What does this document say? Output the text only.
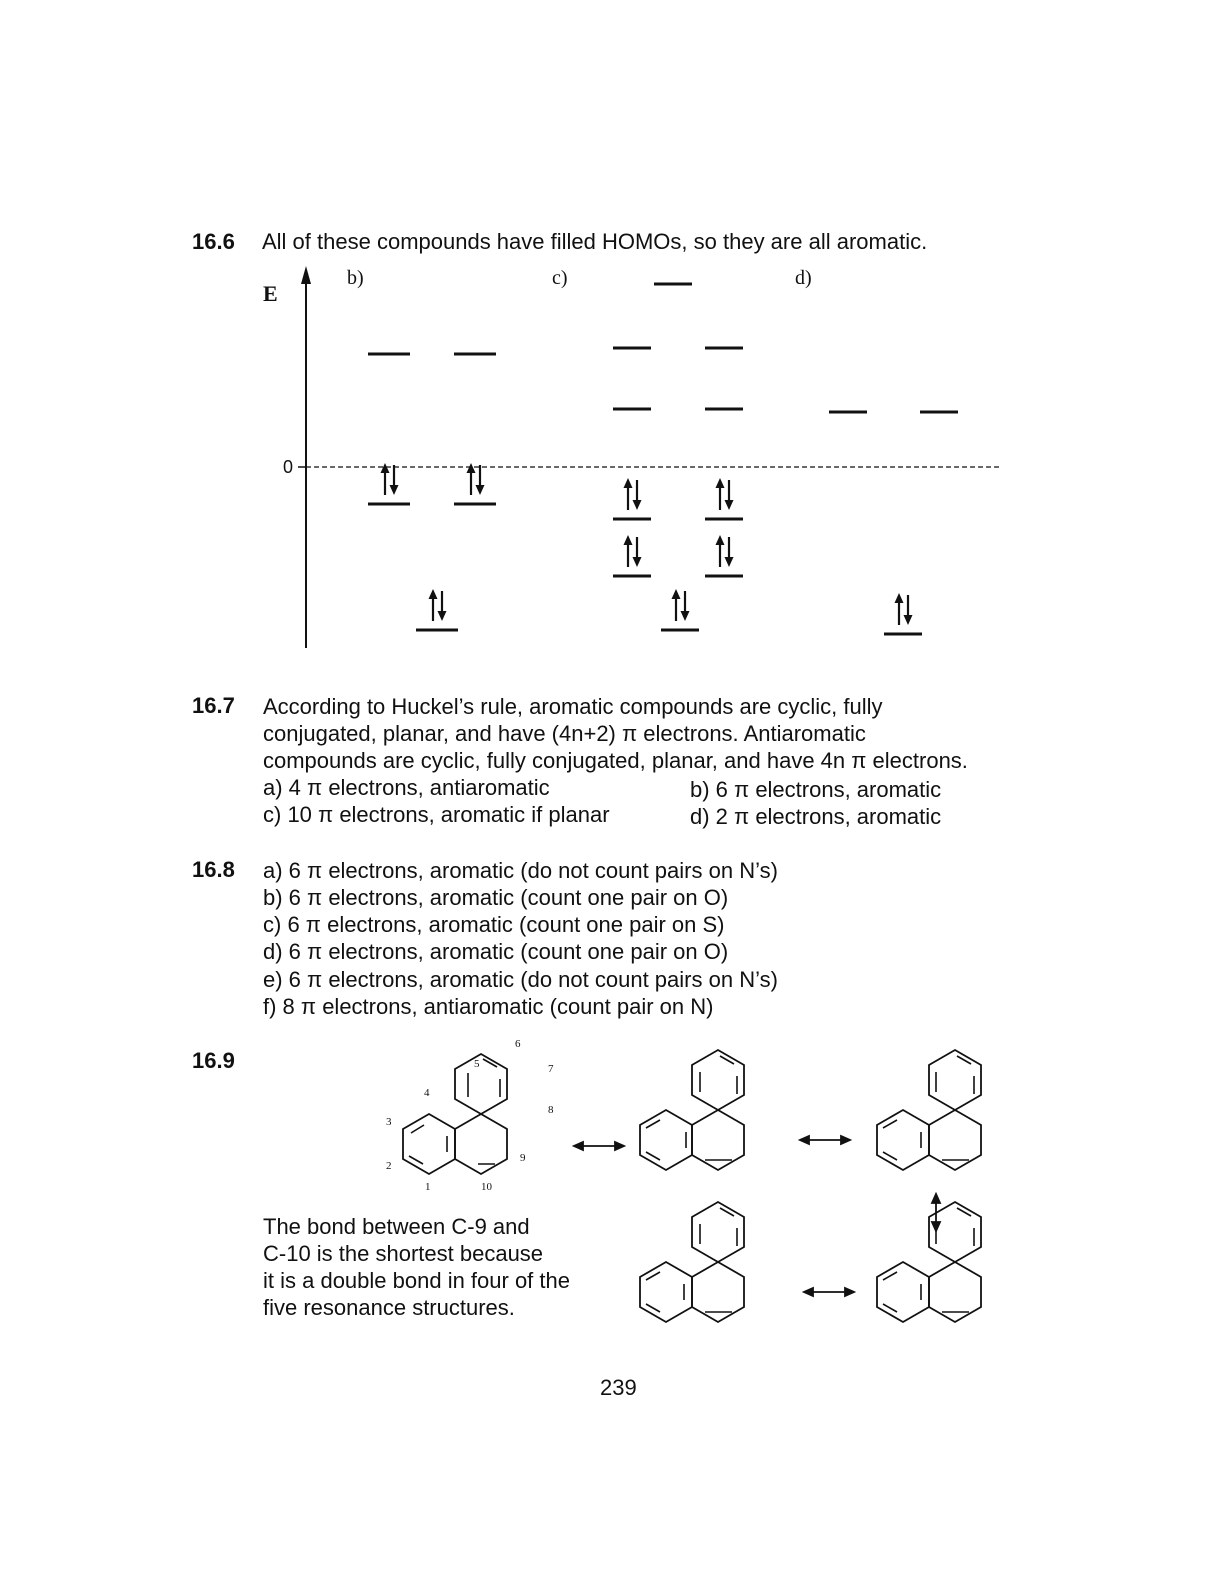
16.6 All of these compounds have filled HOMOs, so they are all aromatic.
E
b)	c)	d)
0
16.7 According to Huckel’s rule, aromatic compounds are cyclic, fully
conjugated, planar, and have (4n+2) π electrons. Antiaromatic
compounds are cyclic, fully conjugated, planar, and have 4n π electrons.
a) 4 π electrons, antiaromatic	b) 6 π electrons, aromatic
c) 10 π electrons, aromatic if planar	d) 2 π electrons, aromatic
16.8 a) 6 π electrons, aromatic (do not count pairs on N’s)
b) 6 π electrons, aromatic (count one pair on O)
c) 6 π electrons, aromatic (count one pair on S)
d) 6 π electrons, aromatic (count one pair on O)
e) 6 π electrons, aromatic (do not count pairs on N’s)
f) 8 π electrons, antiaromatic (count pair on N)
16.9
1
2
3
4
5
6
7
8
9
10
The bond between C-9 and
C-10 is the shortest because
it is a double bond in four of the
five resonance structures.
239
